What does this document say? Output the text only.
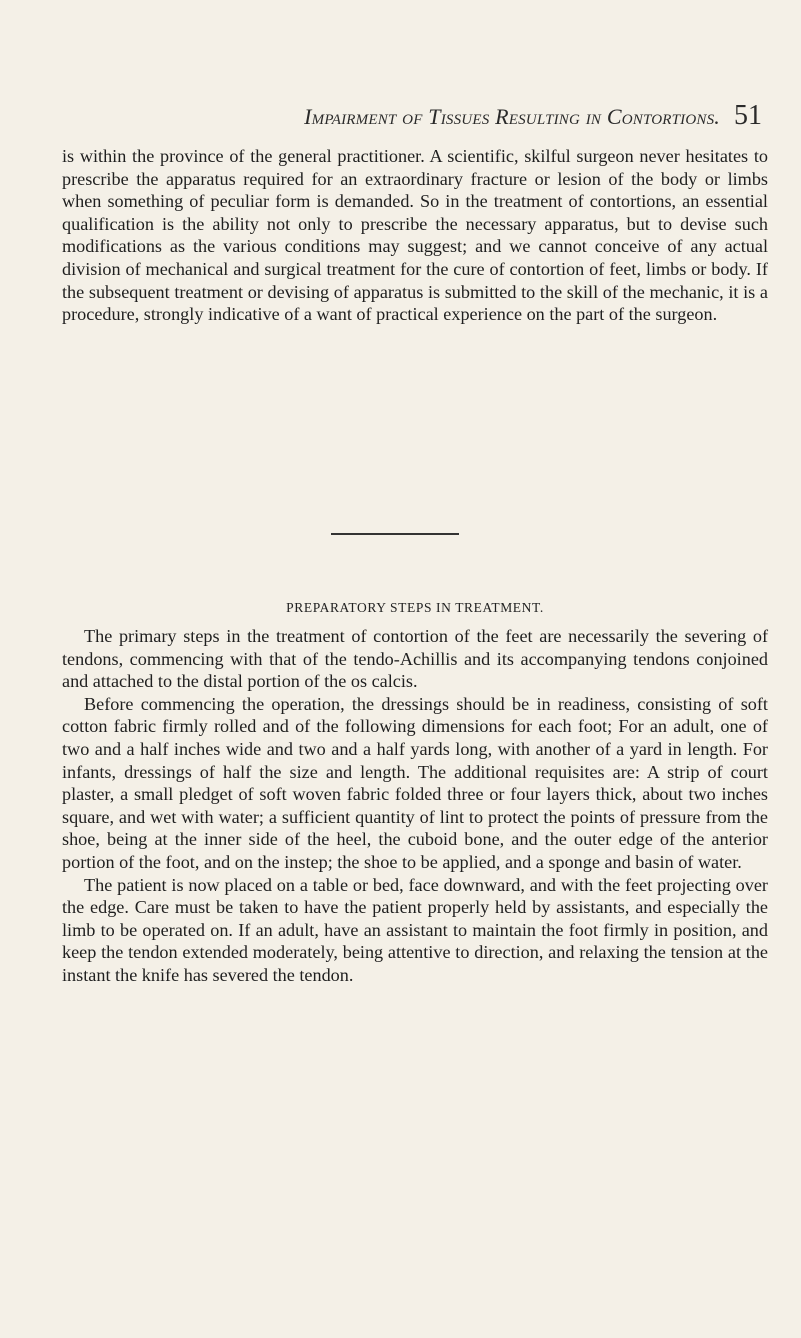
Impairment of Tissues Resulting in Contortions. 51

is within the province of the general practitioner. A scientific, skilful surgeon never hesitates to prescribe the apparatus required for an extraordinary fracture or lesion of the body or limbs when something of peculiar form is demanded. So in the treatment of contortions, an essential qualification is the ability not only to prescribe the necessary apparatus, but to devise such modifications as the various conditions may suggest; and we cannot conceive of any actual division of mechanical and surgical treatment for the cure of contortion of feet, limbs or body. If the subsequent treatment or devising of apparatus is submitted to the skill of the mechanic, it is a procedure, strongly indicative of a want of practical experience on the part of the surgeon.

PREPARATORY STEPS IN TREATMENT.

The primary steps in the treatment of contortion of the feet are necessarily the severing of tendons, commencing with that of the tendo-Achillis and its accompanying tendons conjoined and attached to the distal portion of the os calcis.

Before commencing the operation, the dressings should be in readiness, consisting of soft cotton fabric firmly rolled and of the following dimensions for each foot; For an adult, one of two and a half inches wide and two and a half yards long, with another of a yard in length. For infants, dressings of half the size and length. The additional requisites are: A strip of court plaster, a small pledget of soft woven fabric folded three or four layers thick, about two inches square, and wet with water; a sufficient quantity of lint to protect the points of pressure from the shoe, being at the inner side of the heel, the cuboid bone, and the outer edge of the anterior portion of the foot, and on the instep; the shoe to be applied, and a sponge and basin of water.

The patient is now placed on a table or bed, face downward, and with the feet projecting over the edge. Care must be taken to have the patient properly held by assistants, and especially the limb to be operated on. If an adult, have an assistant to maintain the foot firmly in position, and keep the tendon extended moderately, being attentive to direction, and relaxing the tension at the instant the knife has severed the tendon.
